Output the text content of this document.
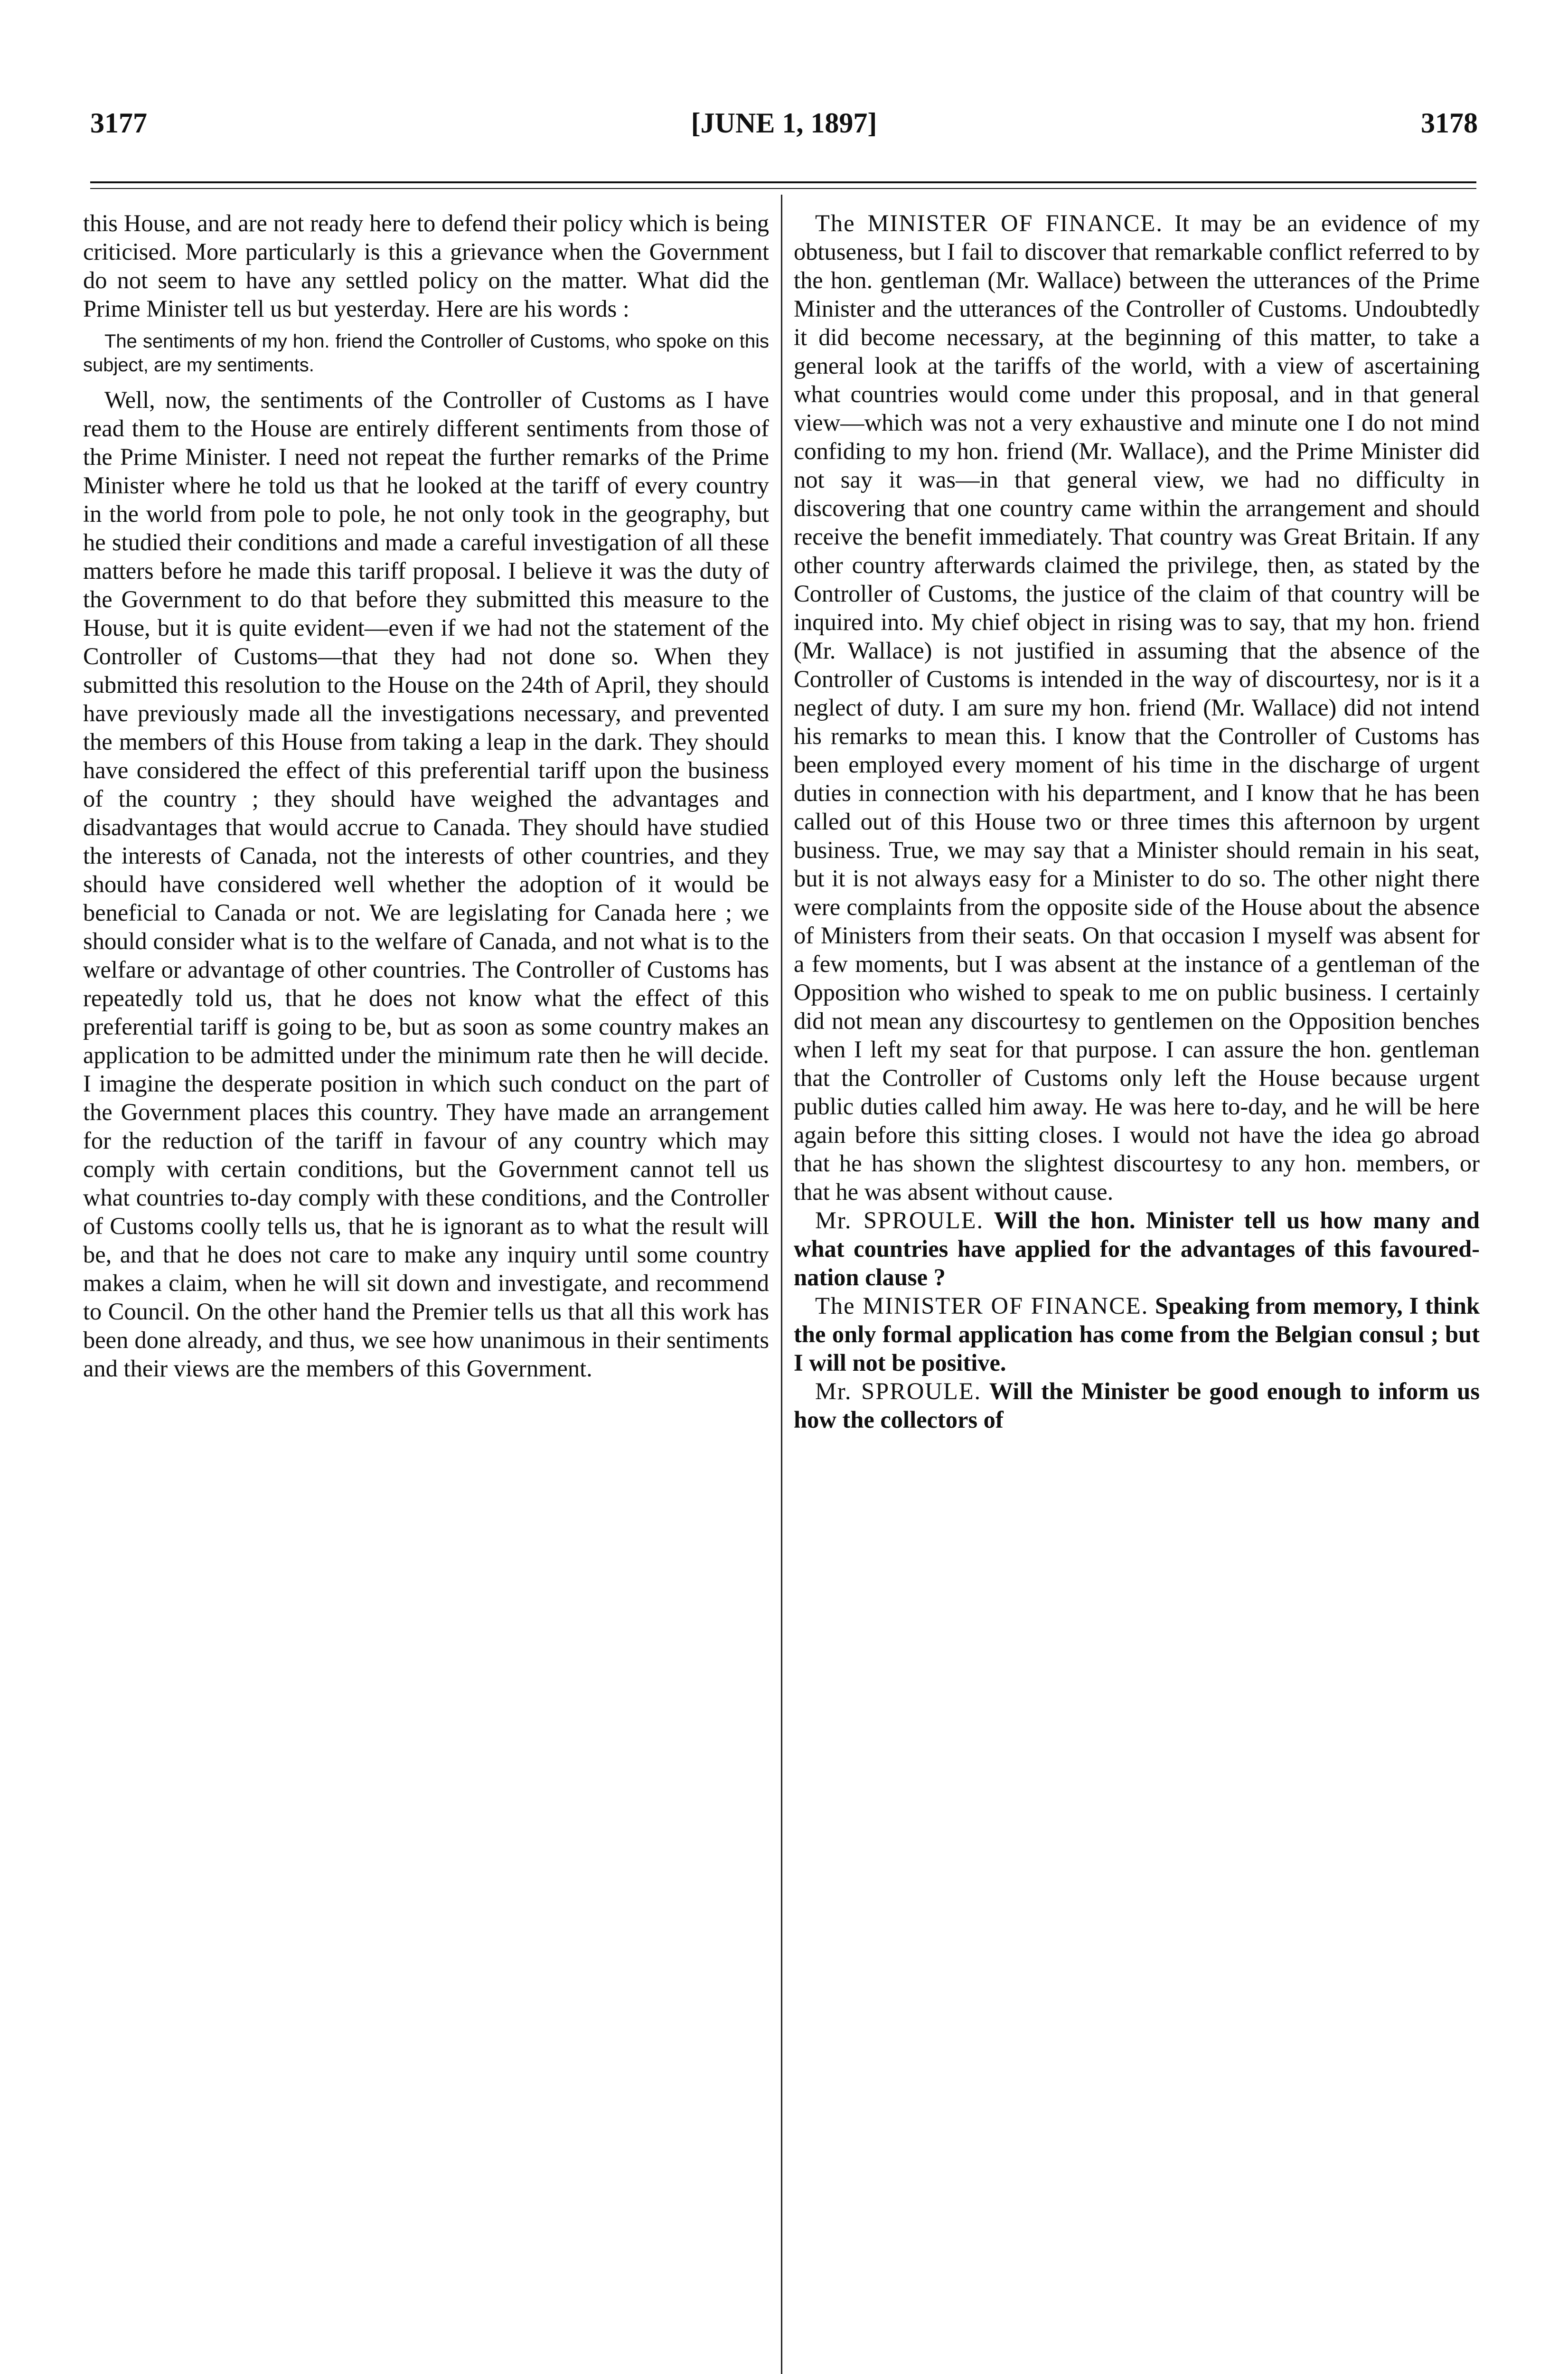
3177	[JUNE 1, 1897]	3178

this House, and are not ready here to defend their policy which is being criticised. More particularly is this a grievance when the Government do not seem to have any settled policy on the matter. What did the Prime Minister tell us but yesterday. Here are his words :

The sentiments of my hon. friend the Controller of Customs, who spoke on this subject, are my sentiments.

Well, now, the sentiments of the Controller of Customs as I have read them to the House are entirely different sentiments from those of the Prime Minister. I need not repeat the further remarks of the Prime Minister where he told us that he looked at the tariff of every country in the world from pole to pole, he not only took in the geography, but he studied their conditions and made a careful investigation of all these matters before he made this tariff proposal. I believe it was the duty of the Government to do that before they submitted this measure to the House, but it is quite evident—even if we had not the statement of the Controller of Customs—that they had not done so. When they submitted this resolution to the House on the 24th of April, they should have previously made all the investigations necessary, and prevented the members of this House from taking a leap in the dark. They should have considered the effect of this preferential tariff upon the business of the country ; they should have weighed the advantages and disadvantages that would accrue to Canada. They should have studied the interests of Canada, not the interests of other countries, and they should have considered well whether the adoption of it would be beneficial to Canada or not. We are legislating for Canada here ; we should consider what is to the welfare of Canada, and not what is to the welfare or advantage of other countries. The Controller of Customs has repeatedly told us, that he does not know what the effect of this preferential tariff is going to be, but as soon as some country makes an application to be admitted under the minimum rate then he will decide. I imagine the desperate position in which such conduct on the part of the Government places this country. They have made an arrangement for the reduction of the tariff in favour of any country which may comply with certain conditions, but the Government cannot tell us what countries to-day comply with these conditions, and the Controller of Customs coolly tells us, that he is ignorant as to what the result will be, and that he does not care to make any inquiry until some country makes a claim, when he will sit down and investigate, and recommend to Council. On the other hand the Premier tells us that all this work has been done already, and thus, we see how unanimous in their sentiments and their views are the members of this Government.

The MINISTER OF FINANCE. It may be an evidence of my obtuseness, but I fail to discover that remarkable conflict referred to by the hon. gentleman (Mr. Wallace) between the utterances of the Prime Minister and the utterances of the Controller of Customs. Undoubtedly it did become necessary, at the beginning of this matter, to take a general look at the tariffs of the world, with a view of ascertaining what countries would come under this proposal, and in that general view—which was not a very exhaustive and minute one I do not mind confiding to my hon. friend (Mr. Wallace), and the Prime Minister did not say it was—in that general view, we had no difficulty in discovering that one country came within the arrangement and should receive the benefit immediately. That country was Great Britain. If any other country afterwards claimed the privilege, then, as stated by the Controller of Customs, the justice of the claim of that country will be inquired into. My chief object in rising was to say, that my hon. friend (Mr. Wallace) is not justified in assuming that the absence of the Controller of Customs is intended in the way of discourtesy, nor is it a neglect of duty. I am sure my hon. friend (Mr. Wallace) did not intend his remarks to mean this. I know that the Controller of Customs has been employed every moment of his time in the discharge of urgent duties in connection with his department, and I know that he has been called out of this House two or three times this afternoon by urgent business. True, we may say that a Minister should remain in his seat, but it is not always easy for a Minister to do so. The other night there were complaints from the opposite side of the House about the absence of Ministers from their seats. On that occasion I myself was absent for a few moments, but I was absent at the instance of a gentleman of the Opposition who wished to speak to me on public business. I certainly did not mean any discourtesy to gentlemen on the Opposition benches when I left my seat for that purpose. I can assure the hon. gentleman that the Controller of Customs only left the House because urgent public duties called him away. He was here to-day, and he will be here again before this sitting closes. I would not have the idea go abroad that he has shown the slightest discourtesy to any hon. members, or that he was absent without cause.

Mr. SPROULE. Will the hon. Minister tell us how many and what countries have applied for the advantages of this favoured-nation clause ?

The MINISTER OF FINANCE. Speaking from memory, I think the only formal application has come from the Belgian consul ; but I will not be positive.

Mr. SPROULE. Will the Minister be good enough to inform us how the collectors of
